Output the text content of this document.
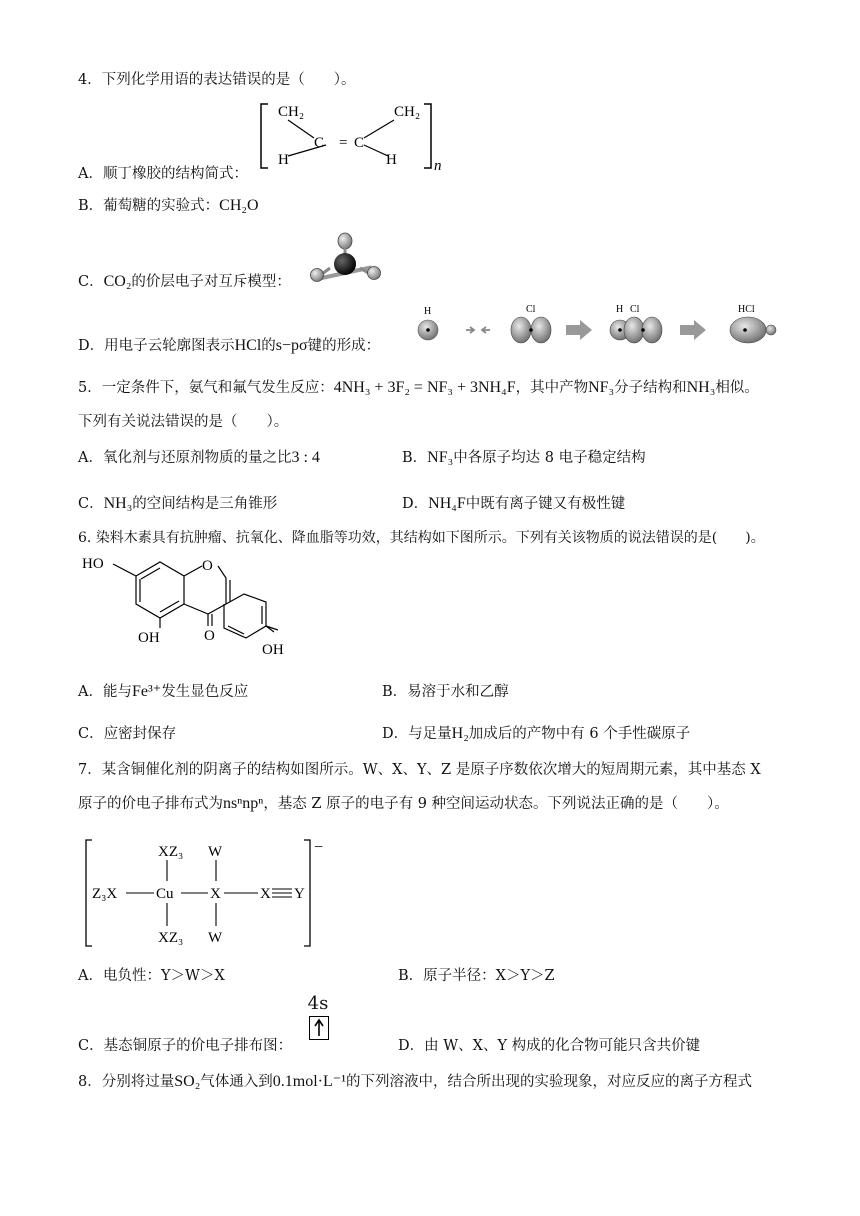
4．下列化学用语的表达错误的是（　　）。
CH₂	CH₂
C = C
H	H n
A．顺丁橡胶的结构简式：
B．葡萄糖的实验式：CH₂O
C．CO₂的价层电子对互斥模型：
D．用电子云轮廓图表示HCl的s−pσ键的形成：
H	Cl	H Cl	HCl
5．一定条件下，氨气和氟气发生反应：4NH₃ + 3F₂ = NF₃ + 3NH₄F，其中产物NF₃分子结构和NH₃相似。
下列有关说法错误的是（　　）。
A．氧化剂与还原剂物质的量之比3 : 4	B．NF₃中各原子均达 8 电子稳定结构
C．NH₃的空间结构是三角锥形	D．NH₄F中既有离子键又有极性键
6. 染料木素具有抗肿瘤、抗氧化、降血脂等功效，其结构如下图所示。下列有关该物质的说法错误的是(　　)。
HO	O
OH	O
OH
A．能与Fe³⁺发生显色反应	B．易溶于水和乙醇
C．应密封保存	D．与足量H₂加成后的产物中有 6 个手性碳原子
7．某含铜催化剂的阴离子的结构如图所示。W、X、Y、Z 是原子序数依次增大的短周期元素，其中基态 X
原子的价电子排布式为nsⁿnpⁿ，基态 Z 原子的电子有 9 种空间运动状态。下列说法正确的是（　　）。
−
XZ₃ W
Z₃X	Cu X	X Y
XZ₃ W
A．电负性：Y＞W＞X	B．原子半径：X＞Y＞Z
4s
C．基态铜原子的价电子排布图：	D．由 W、X、Y 构成的化合物可能只含共价键
8．分别将过量SO₂气体通入到0.1mol·L⁻¹的下列溶液中，结合所出现的实验现象，对应反应的离子方程式
